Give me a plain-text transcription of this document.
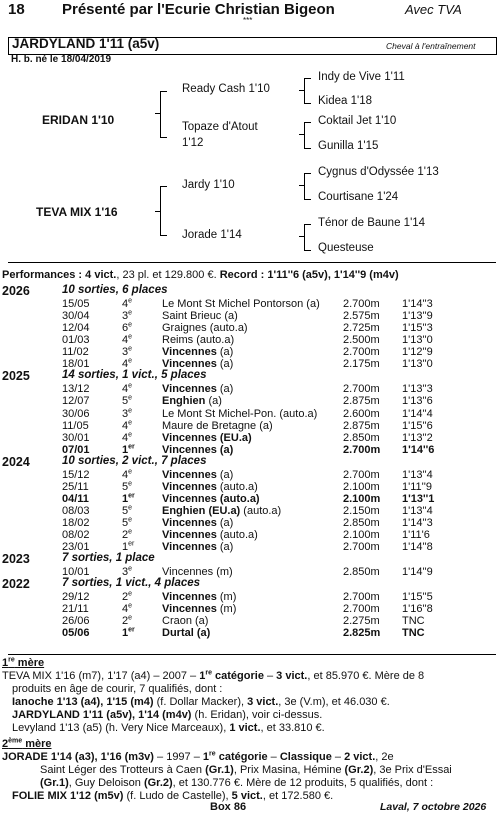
18 Présenté par l'Ecurie Christian Bigeon	Avec TVA
***
JARDYLAND 1'11 (a5v)	Cheval à l'entraînement
H. b. né le 18/04/2019
ERIDAN 1'10
TEVA MIX 1'16
Ready Cash 1'10
Topaze d'Atout
1'12
Jardy 1'10
Jorade 1'14
Indy de Vive 1'11
Kidea 1'18
Coktail Jet 1'10
Gunilla 1'15
Cygnus d'Odyssée 1'13
Courtisane 1'24
Ténor de Baune 1'14
Questeuse
Performances : 4 vict., 23 pl. et 129.800 €. Record : 1'11''6 (a5v), 1'14''9 (m4v)
2026	10 sorties, 6 places
15/05	4e	Le Mont St Michel Pontorson (a) 2.700m 1'14''3
30/04	3e	Saint Brieuc (a)	2.575m 1'13''9
12/04	6e	Graignes (auto.a)	2.725m 1'15''3
01/03	4e	Reims (auto.a)	2.500m 1'13''0
11/02	3e	Vincennes (a)	2.700m 1'12''9
18/01	4e	Vincennes (a)	2.175m 1'13''0
2025	14 sorties, 1 vict., 5 places
13/12	4e	Vincennes (a)	2.700m 1'13''3
12/07	5e	Enghien (a)	2.875m 1'13''6
30/06	3e	Le Mont St Michel-Pon. (auto.a) 2.600m 1'14''4
11/05	4e	Maure de Bretagne (a)	2.875m 1'15''6
30/01	4e	Vincennes (EU.a)	2.850m 1'13''2
07/01	1er Vincennes (a)	2.700m 1'14''6
2024	10 sorties, 2 vict., 7 places
15/12	4e	Vincennes (a)	2.700m 1'13''4
25/11	5e	Vincennes (auto.a)	2.100m 1'11''9
04/11	1er Vincennes (auto.a)	2.100m 1'13''1
08/03	5e	Enghien (EU.a) (auto.a)	2.150m 1'13''4
18/02	5e	Vincennes (a)	2.850m 1'14''3
08/02	2e	Vincennes (auto.a)	2.100m 1'11'6
23/01	1er	Vincennes (a)	2.700m 1'14''8
2023	7 sorties, 1 place
10/01	3e	Vincennes (m)	2.850m 1'14''9
2022	7 sorties, 1 vict., 4 places
29/12	2e	Vincennes (m)	2.700m 1'15''5
21/11	4e	Vincennes (m)	2.700m 1'16''8
26/06	2e	Craon (a)	2.275m TNC
05/06	1er Durtal (a)	2.825m TNC
1re mère
TEVA MIX 1'16 (m7), 1'17 (a4) – 2007 – 1re catégorie – 3 vict., et 85.970 €. Mère de 8
produits en âge de courir, 7 qualifiés, dont :
Ianoche 1'13 (a4), 1'15 (m4) (f. Dollar Macker), 3 vict., 3e (V.m), et 46.030 €.
JARDYLAND 1'11 (a5v), 1'14 (m4v) (h. Eridan), voir ci-dessus.
Levyland 1'13 (a5) (h. Very Nice Marceaux), 1 vict., et 33.810 €.
2ème mère
JORADE 1'14 (a3), 1'16 (m3v) – 1997 – 1re catégorie – Classique – 2 vict., 2e
Saint Léger des Trotteurs à Caen (Gr.1), Prix Masina, Hémine (Gr.2), 3e Prix d'Essai
(Gr.1), Guy Deloison (Gr.2), et 130.776 €. Mère de 12 produits, 5 qualifiés, dont :
FOLIE MIX 1'12 (m5v) (f. Ludo de Castelle), 5 vict., et 172.580 €.
Box 86	Laval, 7 octobre 2026
